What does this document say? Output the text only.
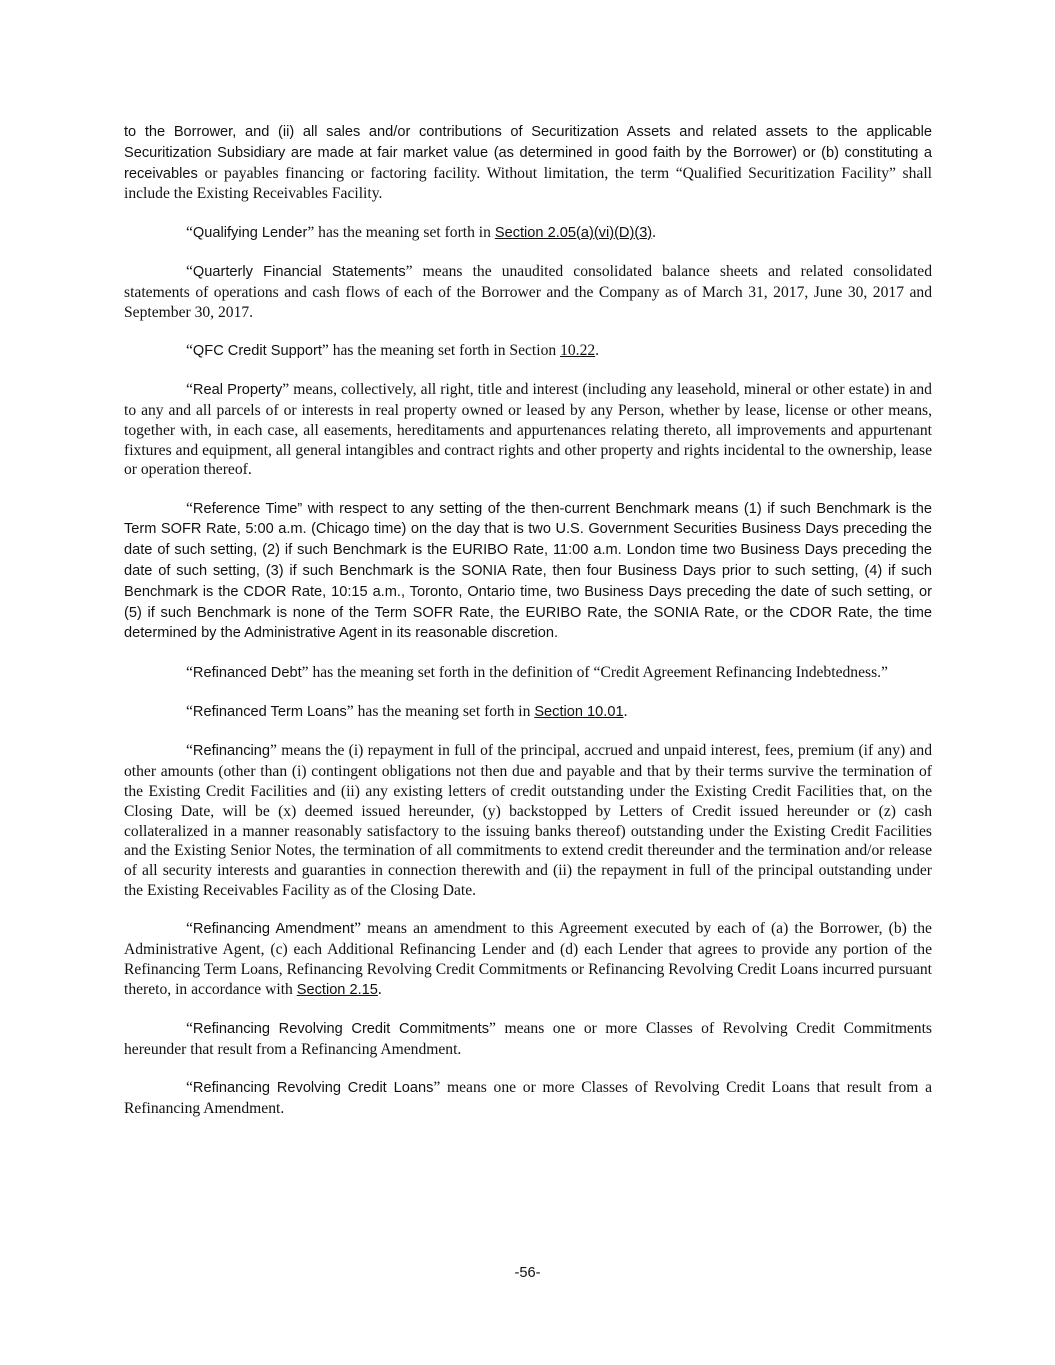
to the Borrower, and (ii) all sales and/or contributions of Securitization Assets and related assets to the applicable Securitization Subsidiary are made at fair market value (as determined in good faith by the Borrower) or (b) constituting a receivables or payables financing or factoring facility. Without limitation, the term “Qualified Securitization Facility” shall include the Existing Receivables Facility.

“Qualifying Lender” has the meaning set forth in Section 2.05(a)(vi)(D)(3).

“Quarterly Financial Statements” means the unaudited consolidated balance sheets and related consolidated statements of operations and cash flows of each of the Borrower and the Company as of March 31, 2017, June 30, 2017 and September 30, 2017.

“QFC Credit Support” has the meaning set forth in Section 10.22.

“Real Property” means, collectively, all right, title and interest (including any leasehold, mineral or other estate) in and to any and all parcels of or interests in real property owned or leased by any Person, whether by lease, license or other means, together with, in each case, all easements, hereditaments and appurtenances relating thereto, all improvements and appurtenant fixtures and equipment, all general intangibles and contract rights and other property and rights incidental to the ownership, lease or operation thereof.

“Reference Time” with respect to any setting of the then-current Benchmark means (1) if such Benchmark is the Term SOFR Rate, 5:00 a.m. (Chicago time) on the day that is two U.S. Government Securities Business Days preceding the date of such setting, (2) if such Benchmark is the EURIBO Rate, 11:00 a.m. London time two Business Days preceding the date of such setting, (3) if such Benchmark is the SONIA Rate, then four Business Days prior to such setting, (4) if such Benchmark is the CDOR Rate, 10:15 a.m., Toronto, Ontario time, two Business Days preceding the date of such setting, or (5) if such Benchmark is none of the Term SOFR Rate, the EURIBO Rate, the SONIA Rate, or the CDOR Rate, the time determined by the Administrative Agent in its reasonable discretion.

“Refinanced Debt” has the meaning set forth in the definition of “Credit Agreement Refinancing Indebtedness.”

“Refinanced Term Loans” has the meaning set forth in Section 10.01.

“Refinancing” means the (i) repayment in full of the principal, accrued and unpaid interest, fees, premium (if any) and other amounts (other than (i) contingent obligations not then due and payable and that by their terms survive the termination of the Existing Credit Facilities and (ii) any existing letters of credit outstanding under the Existing Credit Facilities that, on the Closing Date, will be (x) deemed issued hereunder, (y) backstopped by Letters of Credit issued hereunder or (z) cash collateralized in a manner reasonably satisfactory to the issuing banks thereof) outstanding under the Existing Credit Facilities and the Existing Senior Notes, the termination of all commitments to extend credit thereunder and the termination and/or release of all security interests and guaranties in connection therewith and (ii) the repayment in full of the principal outstanding under the Existing Receivables Facility as of the Closing Date.

“Refinancing Amendment” means an amendment to this Agreement executed by each of (a) the Borrower, (b) the Administrative Agent, (c) each Additional Refinancing Lender and (d) each Lender that agrees to provide any portion of the Refinancing Term Loans, Refinancing Revolving Credit Commitments or Refinancing Revolving Credit Loans incurred pursuant thereto, in accordance with Section 2.15.

“Refinancing Revolving Credit Commitments” means one or more Classes of Revolving Credit Commitments hereunder that result from a Refinancing Amendment.

“Refinancing Revolving Credit Loans” means one or more Classes of Revolving Credit Loans that result from a Refinancing Amendment.

-56-
